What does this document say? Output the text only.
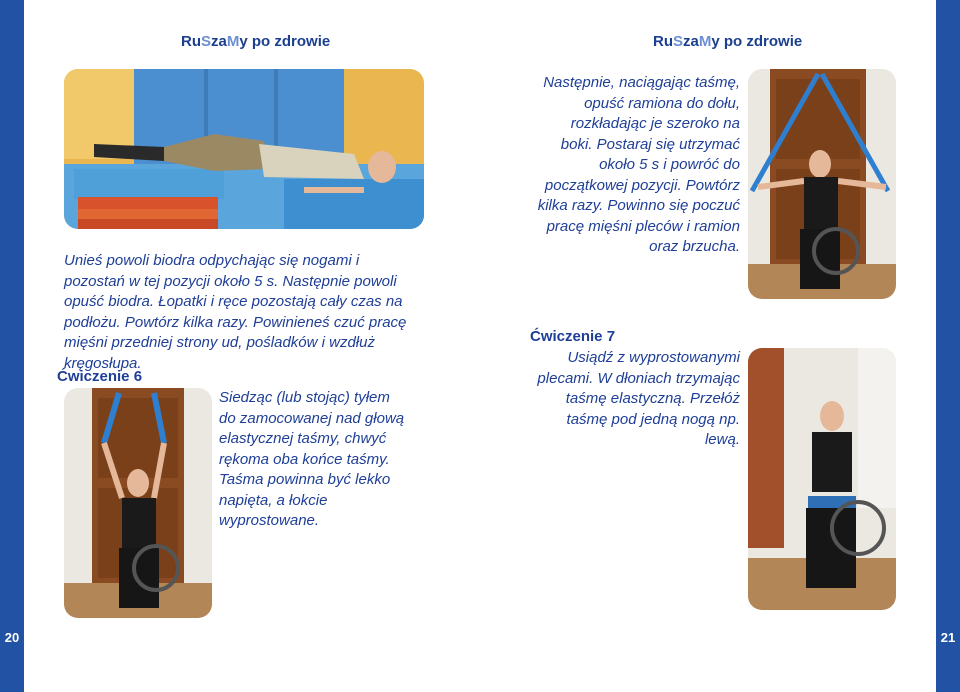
20	21
RuSzaMy po zdrowie	RuSzaMy po zdrowie
Unieś powoli biodra odpychając się nogami i pozostań w tej pozycji około 5 s. Następnie powoli opuść biodra. Łopatki i ręce pozostają cały czas na podłożu. Powtórz kilka razy. Powinieneś czuć pracę mięśni przedniej strony ud, pośladków i wzdłuż kręgosłupa.
Ćwiczenie 6
Siedząc (lub stojąc) tyłem do zamocowanej nad głową elastycznej taśmy, chwyć rękoma oba końce taśmy. Taśma powinna być lekko napięta, a łokcie wyprostowane.
Następnie, naciągając taśmę, opuść ramiona do dołu, rozkładając je szeroko na boki. Postaraj się utrzymać około 5 s i powróć do początkowej pozycji. Powtórz kilka razy. Powinno się poczuć pracę mięśni pleców i ramion oraz brzucha.
Ćwiczenie 7
Usiądź z wyprostowanymi plecami. W dłoniach trzymając taśmę elastyczną. Przełóż taśmę pod jedną nogą np. lewą.
